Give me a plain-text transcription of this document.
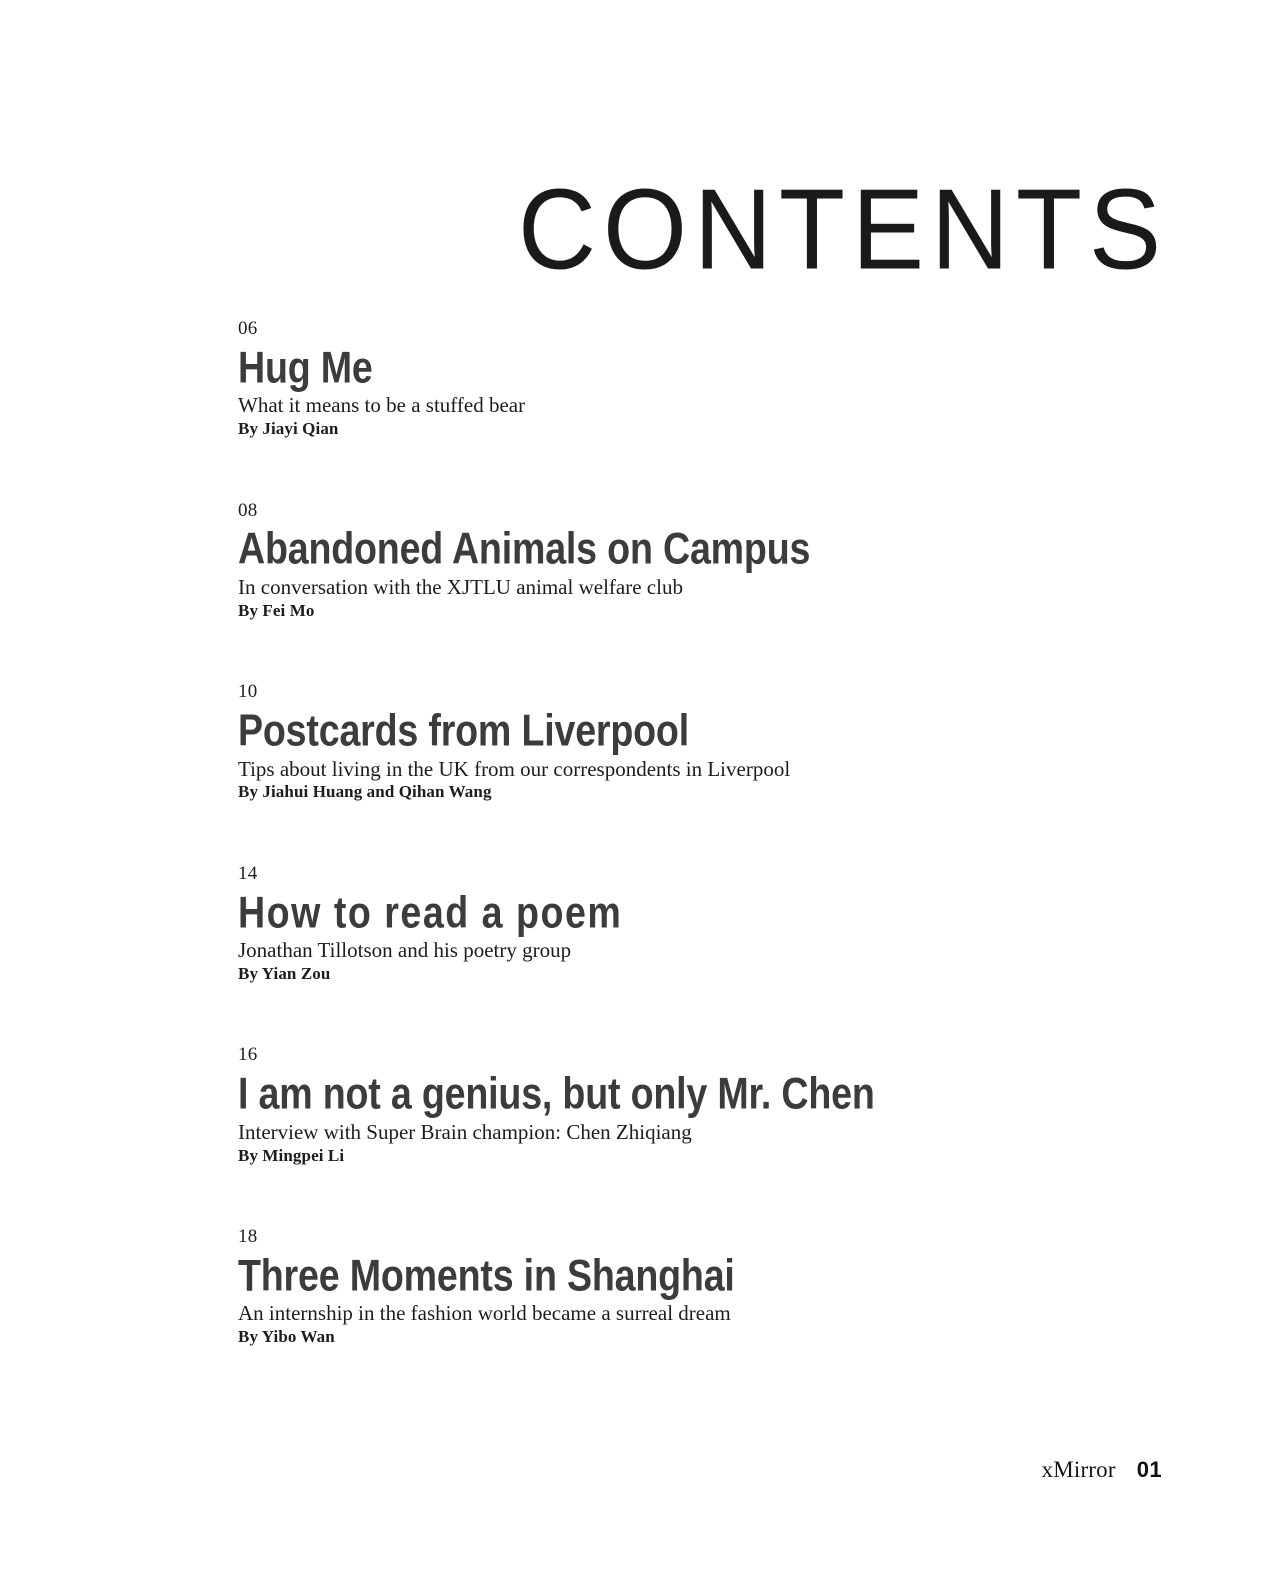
CONTENTS
06
Hug Me
What it means to be a stuffed bear
By Jiayi Qian
08
Abandoned Animals on Campus
In conversation with the XJTLU animal welfare club
By Fei Mo
10
Postcards from Liverpool
Tips about living in the UK from our correspondents in Liverpool
By Jiahui Huang and Qihan Wang
14
How to read a poem
Jonathan Tillotson and his poetry group
By Yian Zou
16
I am not a genius, but only Mr. Chen
Interview with Super Brain champion: Chen Zhiqiang
By Mingpei Li
18
Three Moments in Shanghai
An internship in the fashion world became a surreal dream
By Yibo Wan
xMirror 01
